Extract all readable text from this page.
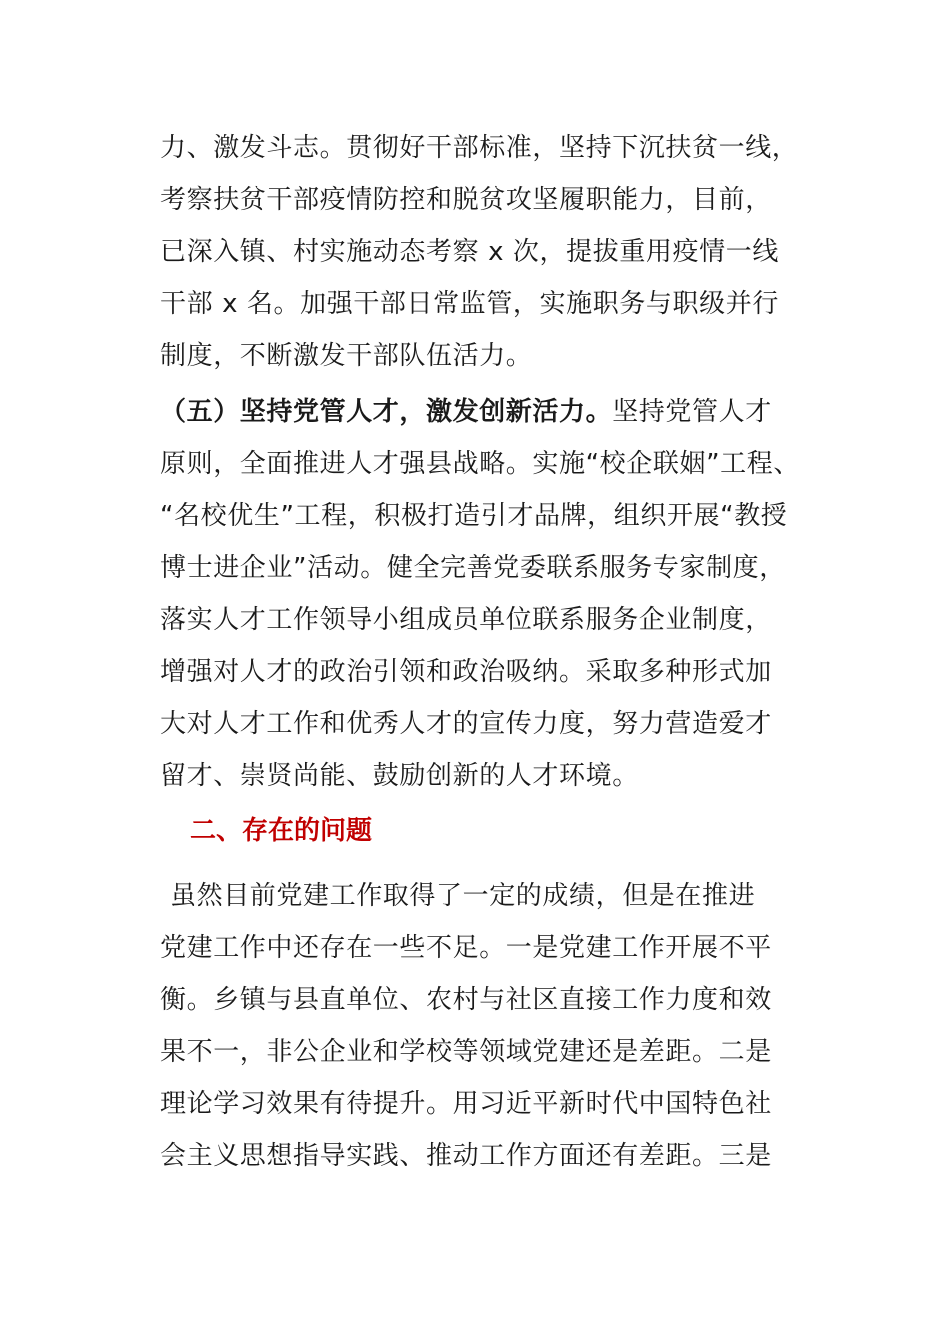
力、激发斗志。贯彻好干部标准，坚持下沉扶贫一线，
考察扶贫干部疫情防控和脱贫攻坚履职能力，目前，
已深入镇、村实施动态考察 x 次，提拔重用疫情一线
干部 x 名。加强干部日常监管，实施职务与职级并行
制度，不断激发干部队伍活力。
（五）坚持党管人才，激发创新活力。坚持党管人才
原则，全面推进人才强县战略。实施“校企联姻”工程、
“名校优生”工程，积极打造引才品牌，组织开展“教授
博士进企业”活动。健全完善党委联系服务专家制度，
落实人才工作领导小组成员单位联系服务企业制度，
增强对人才的政治引领和政治吸纳。采取多种形式加
大对人才工作和优秀人才的宣传力度，努力营造爱才
留才、崇贤尚能、鼓励创新的人才环境。
二、存在的问题
虽然目前党建工作取得了一定的成绩，但是在推进
党建工作中还存在一些不足。一是党建工作开展不平
衡。乡镇与县直单位、农村与社区直接工作力度和效
果不一，非公企业和学校等领域党建还是差距。二是
理论学习效果有待提升。用习近平新时代中国特色社
会主义思想指导实践、推动工作方面还有差距。三是
